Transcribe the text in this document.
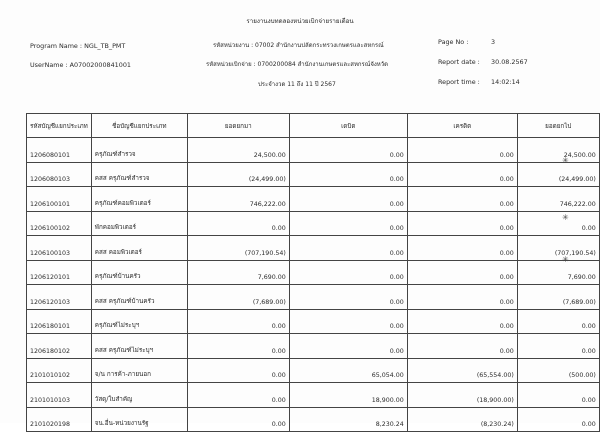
รายงานงบทดลองหน่วยเบิกจ่ายรายเดือน
Program Name : NGL_TB_PMT
UserName : A07002000841001
รหัสหน่วยงาน : 07002 สำนักงานปลัดกระทรวงเกษตรและสหกรณ์
รหัสหน่วยเบิกจ่าย : 0700200084 สำนักงานเกษตรและสหกรณ์จังหวัด
ประจำงวด 11 ถึง 11 ปี 2567
Page No :	3
Report date : 30.08.2567
Report time : 14:02:14
รหัสบัญชีแยกประเภท	ชื่อบัญชีแยกประเภท	ยอดยกมา	เดบิต	เครดิต	ยอดยกไป
1206080101	ครุภัณฑ์สำรวจ	24,500.00	0.00	0.00	24,500.00
1206080103	คสส ครุภัณฑ์สำรวจ	(24,499.00)	0.00	0.00	(24,499.00)
1206100101	ครุภัณฑ์คอมพิวเตอร์	746,222.00	0.00	0.00	746,222.00
1206100102	พักคอมพิวเตอร์	0.00	0.00	0.00	0.00
1206100103	คสส คอมพิวเตอร์	(707,190.54)	0.00	0.00	(707,190.54)
1206120101	ครุภัณฑ์บ้านครัว	7,690.00	0.00	0.00	7,690.00
1206120103	คสส ครุภัณฑ์บ้านครัว	(7,689.00)	0.00	0.00	(7,689.00)
1206180101	ครุภัณฑ์ไม่ระบุฯ	0.00	0.00	0.00	0.00
1206180102	คสส ครุภัณฑ์ไม่ระบุฯ	0.00	0.00	0.00	0.00
2101010102	จ/น การค้า-ภายนอก	0.00	65,054.00	(65,554.00)	(500.00)
2101010103	วัสดุ/ใบสำคัญ	0.00	18,900.00	(18,900.00)	0.00
2101020198	จน.อื่น-หน่วยงานรัฐ	0.00	8,230.24	(8,230.24)	0.00
✳
✳
✳
